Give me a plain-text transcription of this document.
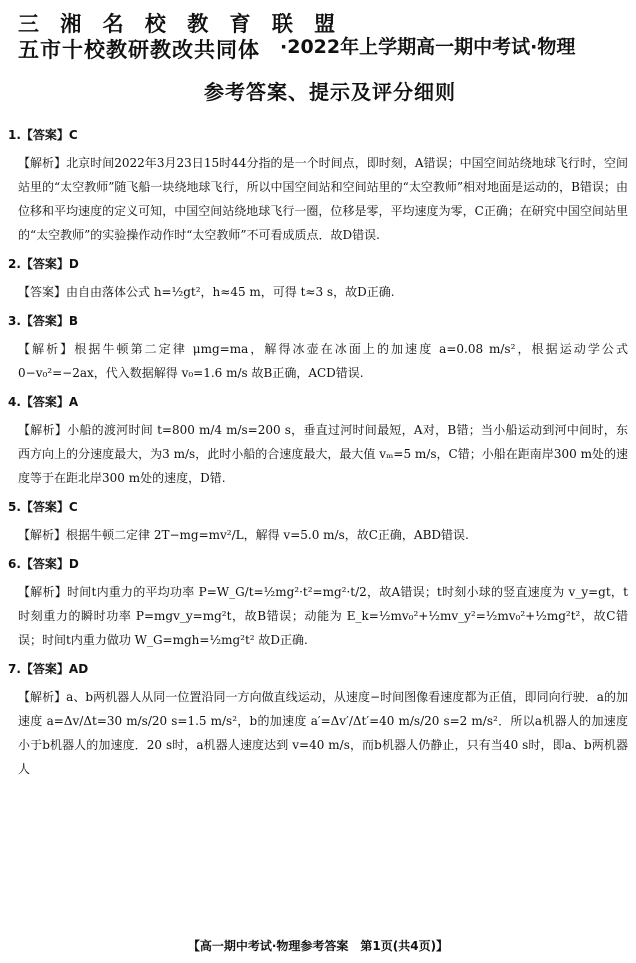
三 湘 名 校 教 育 联 盟
五市十校教研教改共同体 ·2022年上学期高一期中考试·物理
参考答案、提示及评分细则

1.【答案】C

【解析】北京时间2022年3月23日15时44分指的是一个时间点，即时刻，A错误；中国空间站绕地球飞行时，空间站里的“太空教师”随飞船一块绕地球飞行，所以中国空间站和空间站里的“太空教师”相对地面是运动的，B错误；由位移和平均速度的定义可知，中国空间站绕地球飞行一圈，位移是零，平均速度为零，C正确；在研究中国空间站里的“太空教师”的实验操作动作时“太空教师”不可看成质点．故D错误.

2.【答案】D

【答案】由自由落体公式 h=½gt²，h≈45 m，可得 t≈3 s，故D正确.

3.【答案】B

【解析】根据牛顿第二定律 μmg=ma，解得冰壶在冰面上的加速度 a=0.08 m/s²，根据运动学公式 0−v₀²=−2ax，代入数据解得 v₀=1.6 m/s 故B正确，ACD错误.

4.【答案】A

【解析】小船的渡河时间 t=800 m/4 m/s=200 s，垂直过河时间最短，A对，B错；当小船运动到河中间时，东西方向上的分速度最大，为3 m/s，此时小船的合速度最大，最大值 vₘ=5 m/s，C错；小船在距南岸300 m处的速度等于在距北岸300 m处的速度，D错.

5.【答案】C

【解析】根据牛顿二定律 2T−mg=mv²/L，解得 v=5.0 m/s，故C正确，ABD错误.

6.【答案】D

【解析】时间t内重力的平均功率 P=W_G/t=½mg²·t²=mg²·t/2，故A错误；t时刻小球的竖直速度为 v_y=gt，t时刻重力的瞬时功率 P=mgv_y=mg²t，故B错误；动能为 E_k=½mv₀²+½mv_y²=½mv₀²+½mg²t²，故C错误；时间t内重力做功 W_G=mgh=½mg²t² 故D正确.

7.【答案】AD

【解析】a、b两机器人从同一位置沿同一方向做直线运动，从速度−时间图像看速度都为正值，即同向行驶．a的加速度 a=Δv/Δt=30 m/s/20 s=1.5 m/s²，b的加速度 a′=Δv′/Δt′=40 m/s/20 s=2 m/s²．所以a机器人的加速度小于b机器人的加速度．20 s时，a机器人速度达到 v=40 m/s，而b机器人仍静止，只有当40 s时，即a、b两机器人

【高一期中考试·物理参考答案　第1页(共4页)】
